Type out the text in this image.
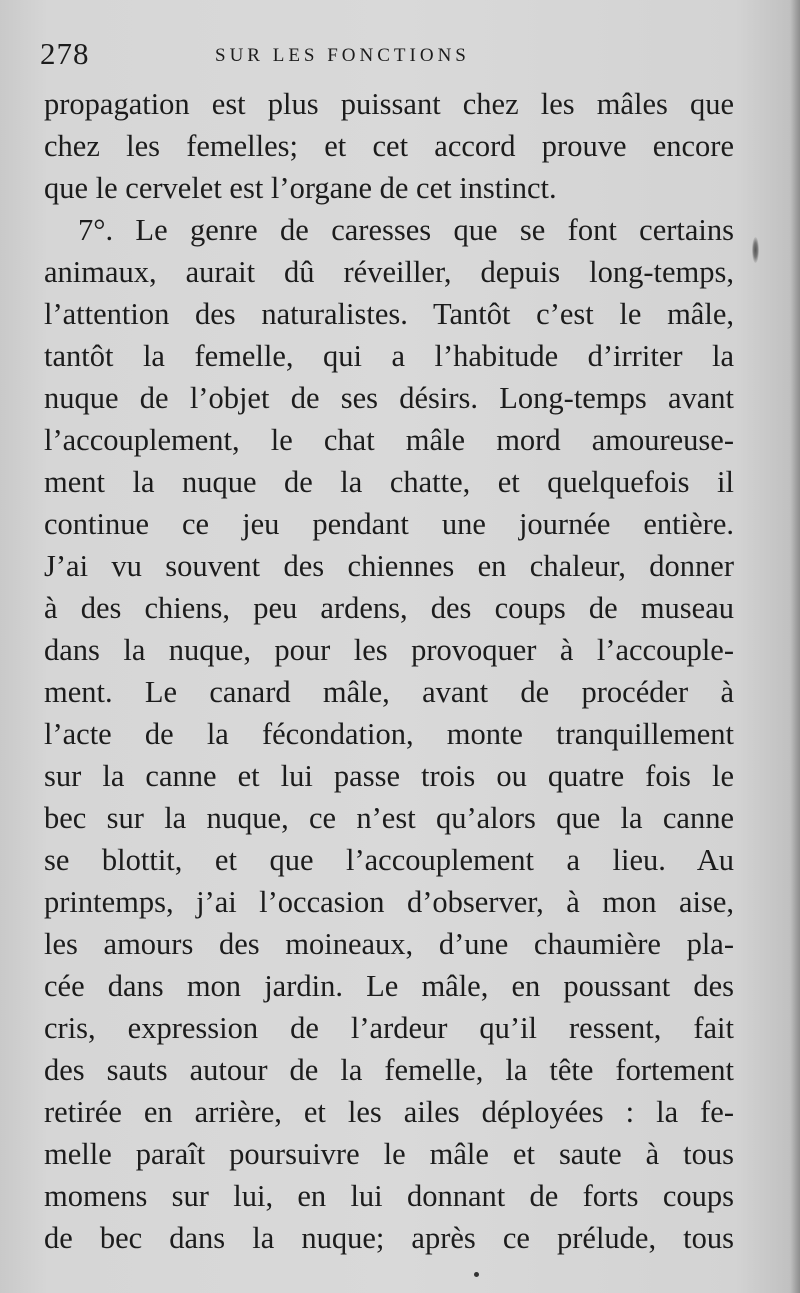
278	SUR LES FONCTIONS
propagation est plus puissant chez les mâles que
chez les femelles; et cet accord prouve encore
que le cervelet est l’organe de cet instinct.
7°. Le genre de caresses que se font certains
animaux, aurait dû réveiller, depuis long-temps,
l’attention des naturalistes. Tantôt c’est le mâle,
tantôt la femelle, qui a l’habitude d’irriter la
nuque de l’objet de ses désirs. Long-temps avant
l’accouplement, le chat mâle mord amoureuse-
ment la nuque de la chatte, et quelquefois il
continue ce jeu pendant une journée entière.
J’ai vu souvent des chiennes en chaleur, donner
à des chiens, peu ardens, des coups de museau
dans la nuque, pour les provoquer à l’accouple-
ment. Le canard mâle, avant de procéder à
l’acte de la fécondation, monte tranquillement
sur la canne et lui passe trois ou quatre fois le
bec sur la nuque, ce n’est qu’alors que la canne
se blottit, et que l’accouplement a lieu. Au
printemps, j’ai l’occasion d’observer, à mon aise,
les amours des moineaux, d’une chaumière pla-
cée dans mon jardin. Le mâle, en poussant des
cris, expression de l’ardeur qu’il ressent, fait
des sauts autour de la femelle, la tête fortement
retirée en arrière, et les ailes déployées : la fe-
melle paraît poursuivre le mâle et saute à tous
momens sur lui, en lui donnant de forts coups
de bec dans la nuque; après ce prélude, tous
